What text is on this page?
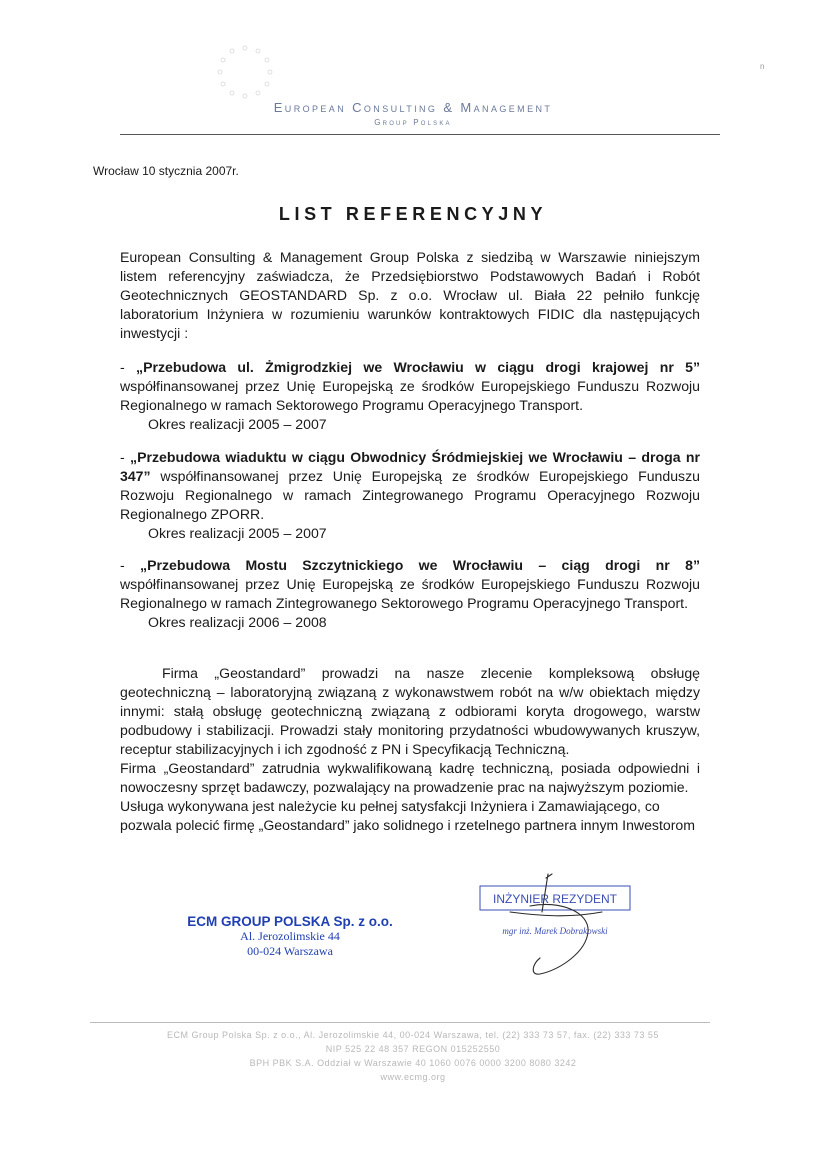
n
European Consulting & Management
Group Polska
Wrocław 10 stycznia 2007r.
LIST REFERENCYJNY

European Consulting & Management Group Polska z siedzibą w Warszawie niniejszym listem referencyjny zaświadcza, że Przedsiębiorstwo Podstawowych Badań i Robót Geotechnicznych GEOSTANDARD Sp. z o.o. Wrocław ul. Biała 22 pełniło funkcję laboratorium Inżyniera w rozumieniu warunków kontraktowych FIDIC dla następujących inwestycji :

- „Przebudowa ul. Żmigrodzkiej we Wrocławiu w ciągu drogi krajowej nr 5” współfinansowanej przez Unię Europejską ze środków Europejskiego Funduszu Rozwoju Regionalnego w ramach Sektorowego Programu Operacyjnego Transport.

Okres realizacji 2005 – 2007

- „Przebudowa wiaduktu w ciągu Obwodnicy Śródmiejskiej we Wrocławiu – droga nr 347” współfinansowanej przez Unię Europejską ze środków Europejskiego Funduszu Rozwoju Regionalnego w ramach Zintegrowanego Programu Operacyjnego Rozwoju Regionalnego ZPORR.

Okres realizacji 2005 – 2007

- „Przebudowa Mostu Szczytnickiego we Wrocławiu – ciąg drogi nr 8” współfinansowanej przez Unię Europejską ze środków Europejskiego Funduszu Rozwoju Regionalnego w ramach Zintegrowanego Sektorowego Programu Operacyjnego Transport.

Okres realizacji 2006 – 2008

Firma „Geostandard” prowadzi na nasze zlecenie kompleksową obsługę geotechniczną – laboratoryjną związaną z wykonawstwem robót na w/w obiektach między innymi: stałą obsługę geotechniczną związaną z odbiorami koryta drogowego, warstw podbudowy i stabilizacji. Prowadzi stały monitoring przydatności wbudowywanych kruszyw, receptur stabilizacyjnych i ich zgodność z PN i Specyfikacją Techniczną.

Firma „Geostandard” zatrudnia wykwalifikowaną kadrę techniczną, posiada odpowiedni i nowoczesny sprzęt badawczy, pozwalający na prowadzenie prac na najwyższym poziomie.

Usługa wykonywana jest należycie ku pełnej satysfakcji Inżyniera i Zamawiającego, co pozwala polecić firmę „Geostandard” jako solidnego i rzetelnego partnera innym Inwestorom

ECM GROUP POLSKA Sp. z o.o.
Al. Jerozolimskie 44
00-024 Warszawa
INŻYNIER REZYDENT
mgr inż. Marek Dobrakowski
ECM Group Polska Sp. z o.o., Al. Jerozolimskie 44, 00-024 Warszawa, tel. (22) 333 73 57, fax. (22) 333 73 55
NIP 525 22 48 357 REGON 015252550
BPH PBK S.A. Oddział w Warszawie 40 1060 0076 0000 3200 8080 3242
www.ecmg.org
